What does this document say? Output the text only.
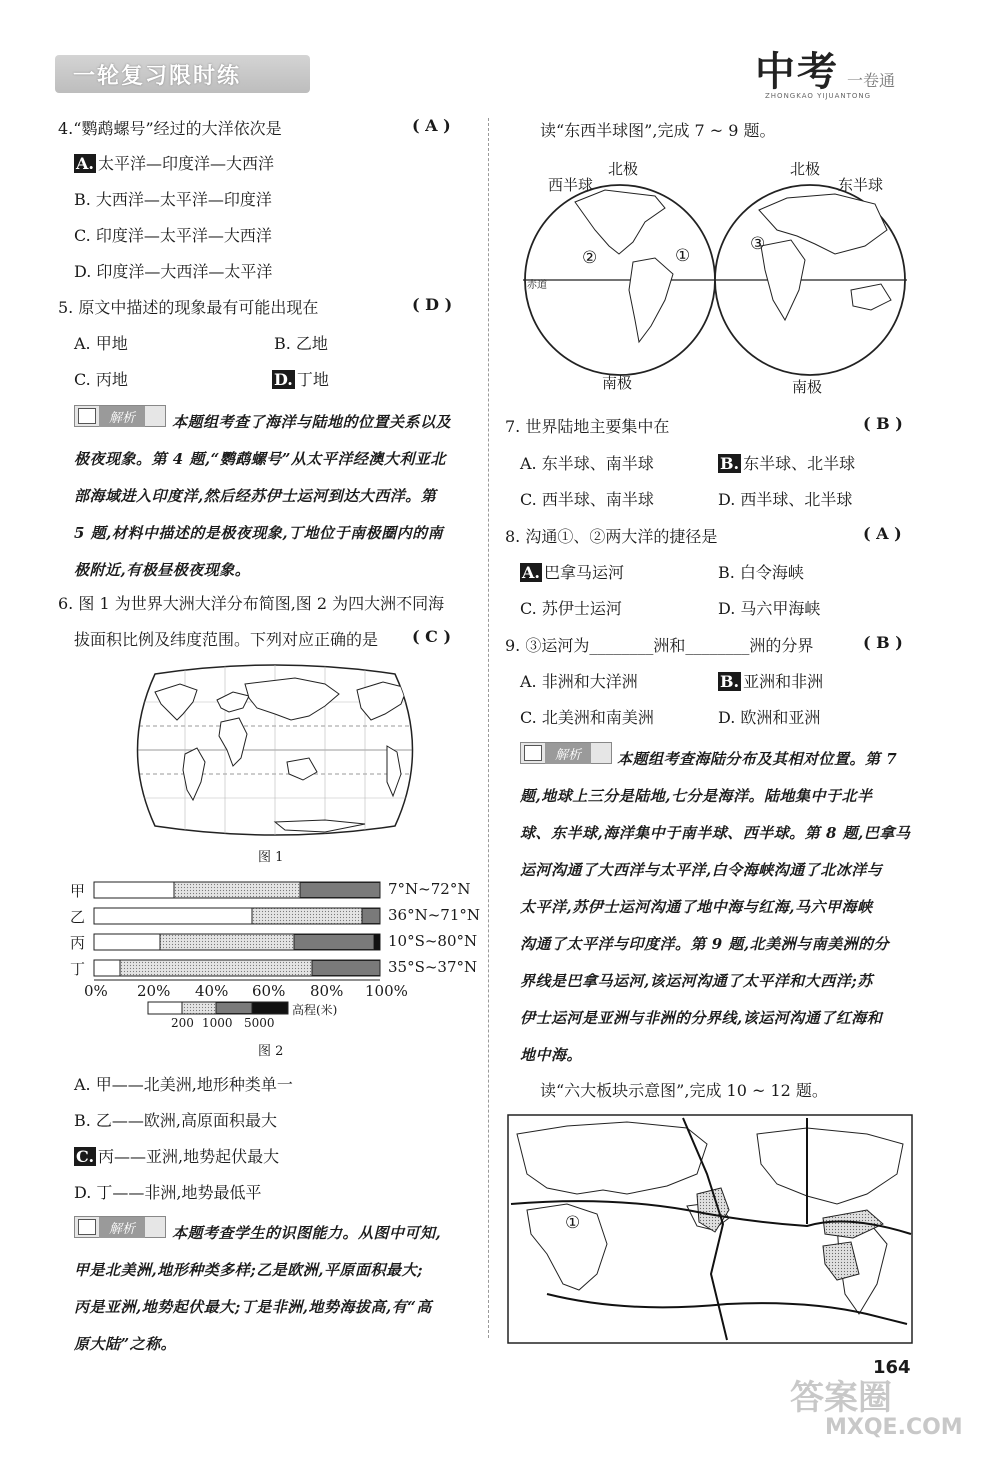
一轮复习限时练	中考 一卷通
ZHONGKAO YIJUANTONG
4.“鹦鹉螺号”经过的大洋依次是	( A )
A. 太平洋—印度洋—大西洋
B. 大西洋—太平洋—印度洋
C. 印度洋—太平洋—大西洋
D. 印度洋—大西洋—太平洋
5. 原文中描述的现象最有可能出现在	( D )
A. 甲地	B. 乙地
C. 丙地	D. 丁地
解析	本题组考查了海洋与陆地的位置关系以及
极夜现象。第 4 题,“鹦鹉螺号”从太平洋经澳大利亚北
部海域进入印度洋,然后经苏伊士运河到达大西洋。第
5 题,材料中描述的是极夜现象,丁地位于南极圈内的南
极附近,有极昼极夜现象。
6. 图 1 为世界大洲大洋分布简图,图 2 为四大洲不同海
拔面积比例及纬度范围。下列对应正确的是 ( C )
图 1
甲
乙
丙
丁
7°N~72°N
36°N~71°N
10°S~80°N
35°S~37°N
0% 20% 40% 60% 80% 100%
200 1000 5000
高程(米)
图 2
A. 甲——北美洲,地形种类单一
B. 乙——欧洲,高原面积最大
C. 丙——亚洲,地势起伏最大
D. 丁——非洲,地势最低平
解析	本题考查学生的识图能力。从图中可知,
甲是北美洲,地形种类多样;乙是欧洲,平原面积最大;
丙是亚洲,地势起伏最大;丁是非洲,地势海拔高,有“高
原大陆”之称。
读“东西半球图”,完成 7 ~ 9 题。
西半球
北极	北极
东半球
南极	南极
②	①
③
赤道
7. 世界陆地主要集中在	( B )
A. 东半球、南半球	B. 东半球、北半球
C. 西半球、南半球	D. 西半球、北半球
8. 沟通①、②两大洋的捷径是	( A )
A. 巴拿马运河	B. 白令海峡
C. 苏伊士运河	D. 马六甲海峡
9. ③运河为________洲和________洲的分界	( B )
A. 非洲和大洋洲	B. 亚洲和非洲
C. 北美洲和南美洲	D. 欧洲和亚洲
解析	本题组考查海陆分布及其相对位置。第 7
题,地球上三分是陆地,七分是海洋。陆地集中于北半
球、东半球,海洋集中于南半球、西半球。第 8 题,巴拿马
运河沟通了大西洋与太平洋,白令海峡沟通了北冰洋与
太平洋,苏伊士运河沟通了地中海与红海,马六甲海峡
沟通了太平洋与印度洋。第 9 题,北美洲与南美洲的分
界线是巴拿马运河,该运河沟通了太平洋和大西洋;苏
伊士运河是亚洲与非洲的分界线,该运河沟通了红海和
地中海。
读“六大板块示意图”,完成 10 ~ 12 题。
①
164
答案圈
MXQE.COM
